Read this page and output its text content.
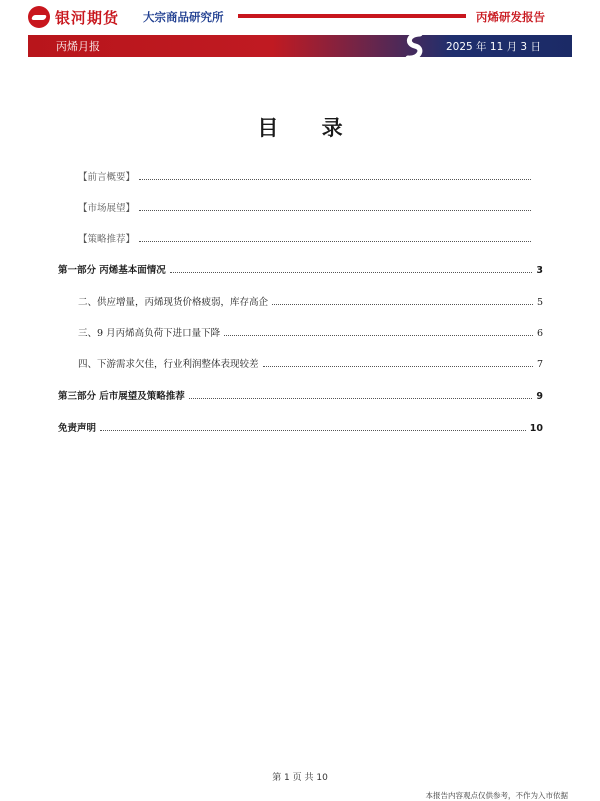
银河期货 大宗商品研究所	丙烯研发报告
丙烯月报	2025 年 11 月 3 日
目 录
【前言概要】
【市场展望】
【策略推荐】
第一部分 丙烯基本面情况	3
二、供应增量，丙烯现货价格疲弱，库存高企	5
三、9 月丙烯高负荷下进口量下降	6
四、下游需求欠佳，行业利润整体表现较差	7
第三部分 后市展望及策略推荐	9
免责声明	10
第 1 页 共 10
本报告内容观点仅供参考，不作为入市依据
